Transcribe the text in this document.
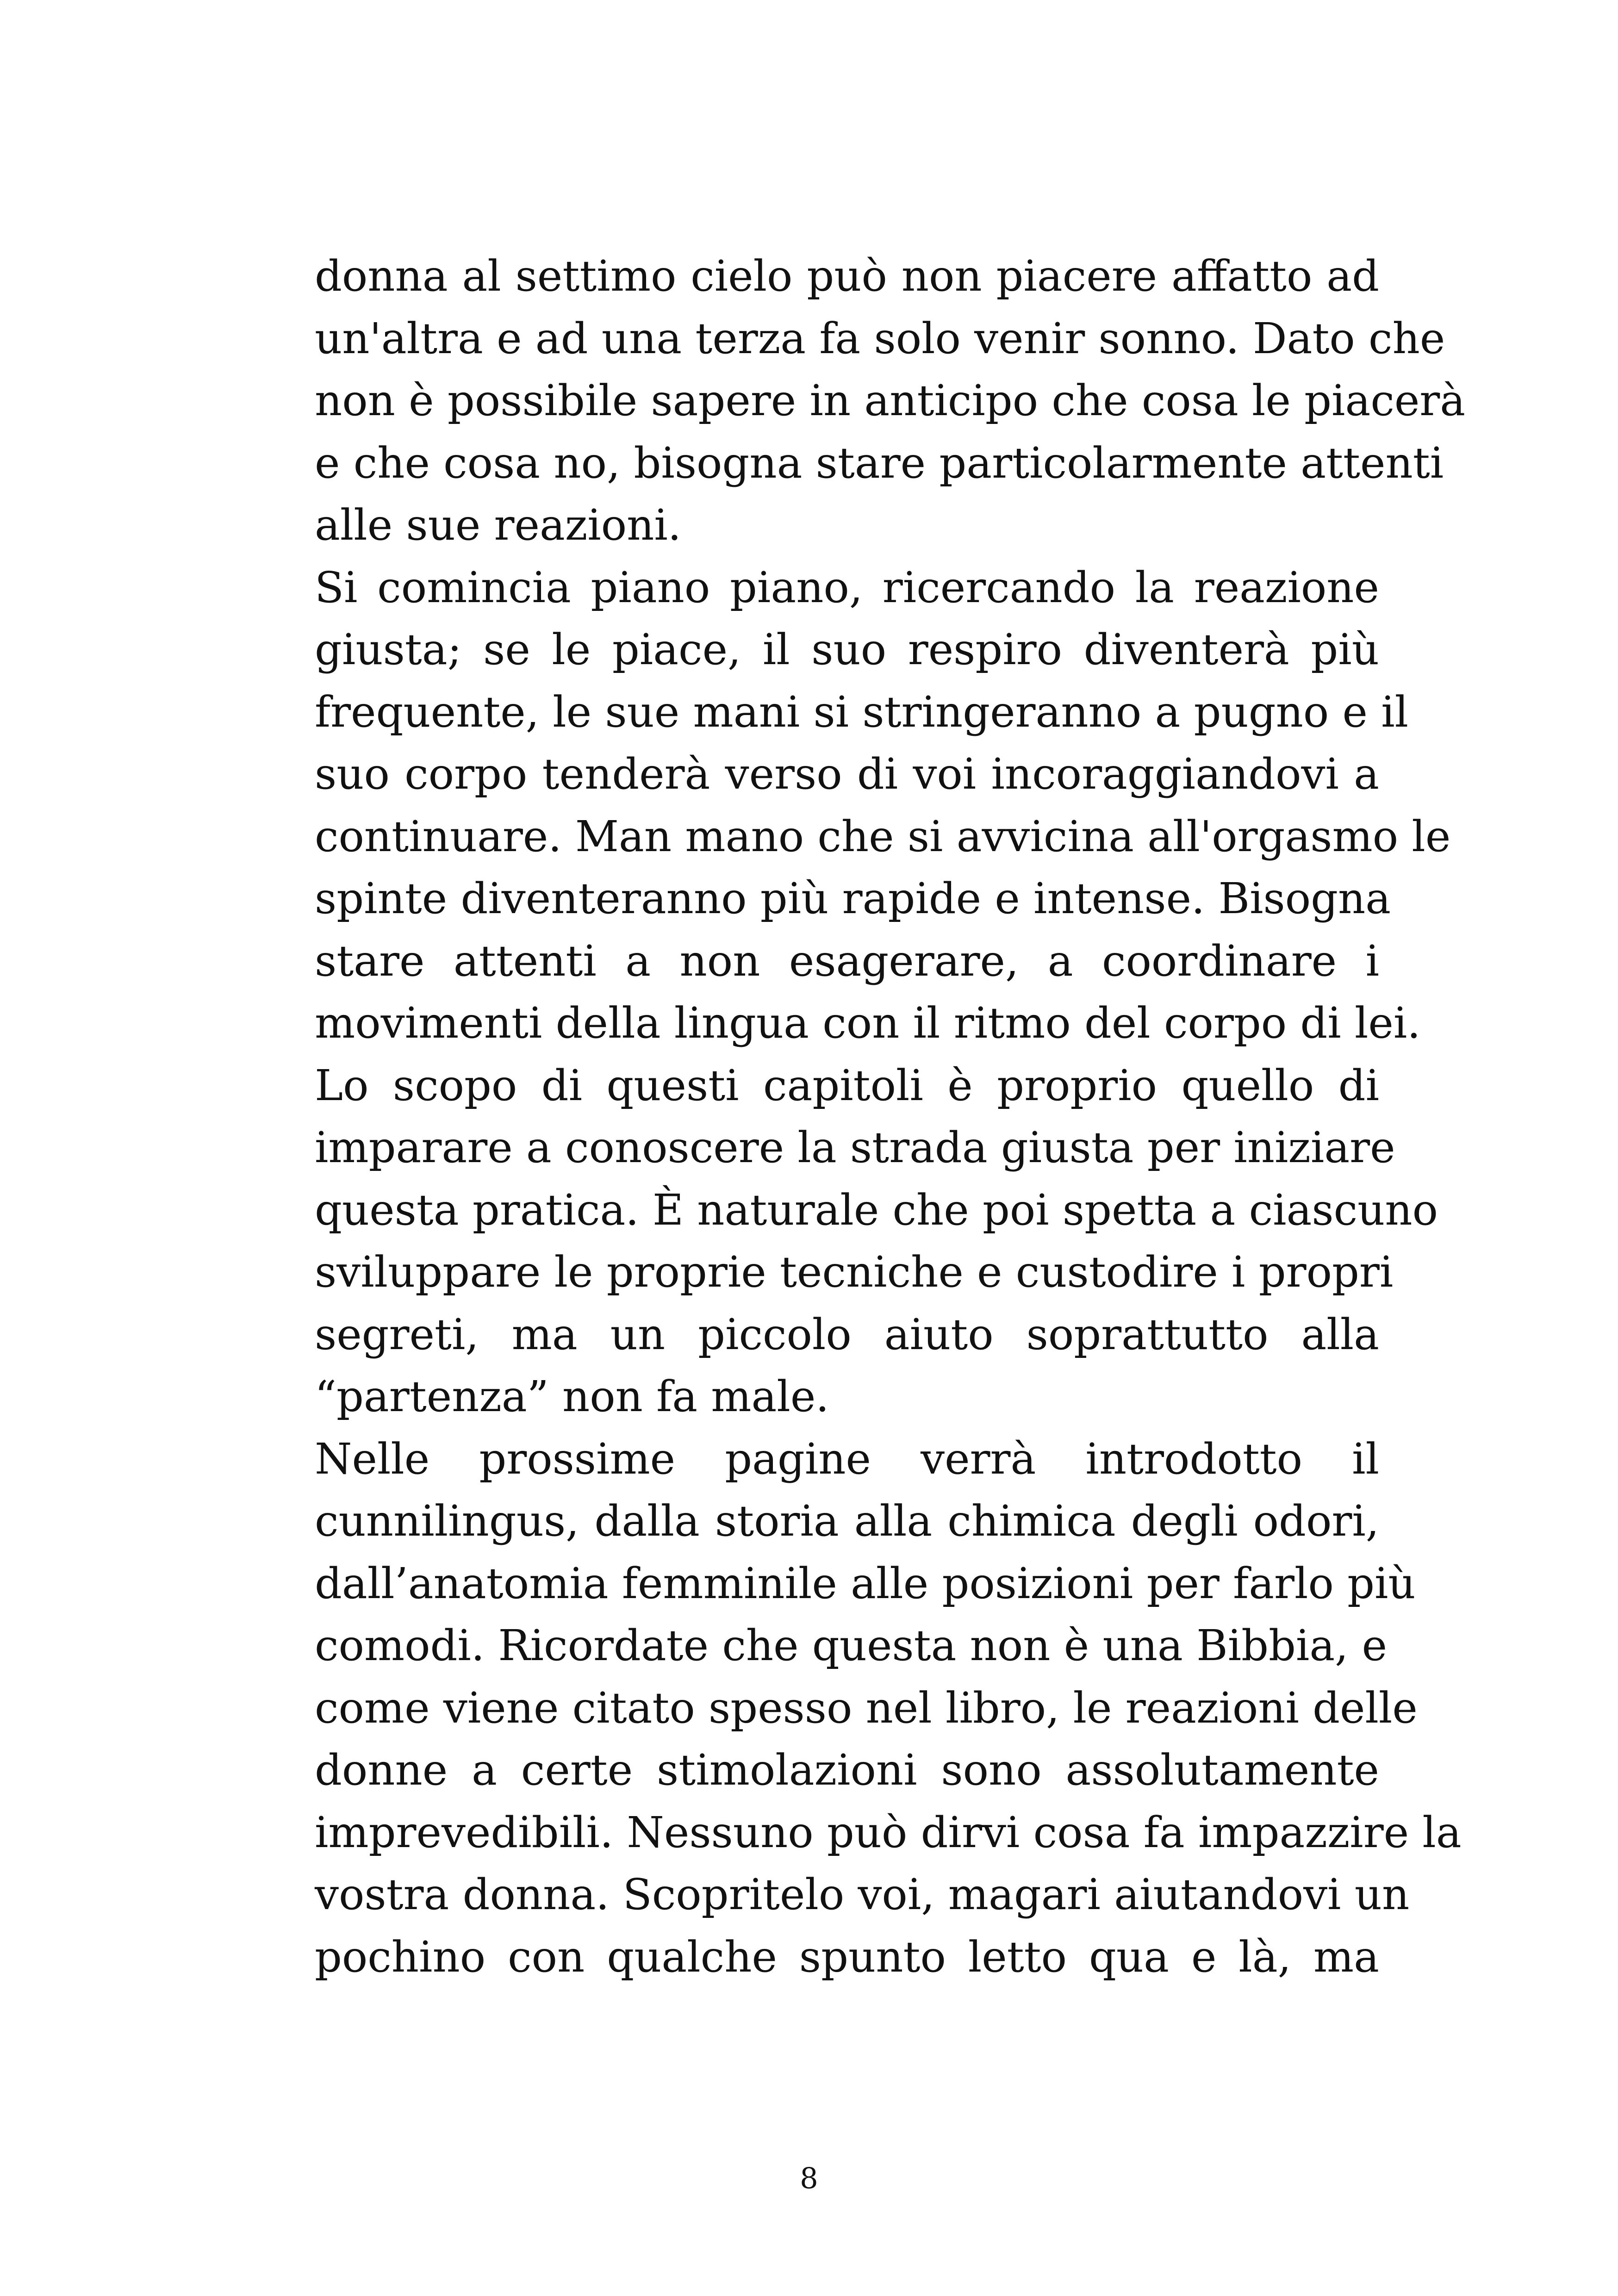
donna al settimo cielo può non piacere affatto ad
un'altra e ad una terza fa solo venir sonno. Dato che
non è possibile sapere in anticipo che cosa le piacerà
e che cosa no, bisogna stare particolarmente attenti
alle sue reazioni.
Si comincia piano piano, ricercando la reazione
giusta; se le piace, il suo respiro diventerà più
frequente, le sue mani si stringeranno a pugno e il
suo corpo tenderà verso di voi incoraggiandovi a
continuare. Man mano che si avvicina all'orgasmo le
spinte diventeranno più rapide e intense. Bisogna
stare attenti a non esagerare, a coordinare i
movimenti della lingua con il ritmo del corpo di lei.
Lo scopo di questi capitoli è proprio quello di
imparare a conoscere la strada giusta per iniziare
questa pratica. È naturale che poi spetta a ciascuno
sviluppare le proprie tecniche e custodire i propri
segreti, ma un piccolo aiuto soprattutto alla
“partenza” non fa male.
Nelle prossime pagine verrà introdotto il
cunnilingus, dalla storia alla chimica degli odori,
dall’anatomia femminile alle posizioni per farlo più
comodi. Ricordate che questa non è una Bibbia, e
come viene citato spesso nel libro, le reazioni delle
donne a certe stimolazioni sono assolutamente
imprevedibili. Nessuno può dirvi cosa fa impazzire la
vostra donna. Scopritelo voi, magari aiutandovi un
pochino con qualche spunto letto qua e là, ma
8
